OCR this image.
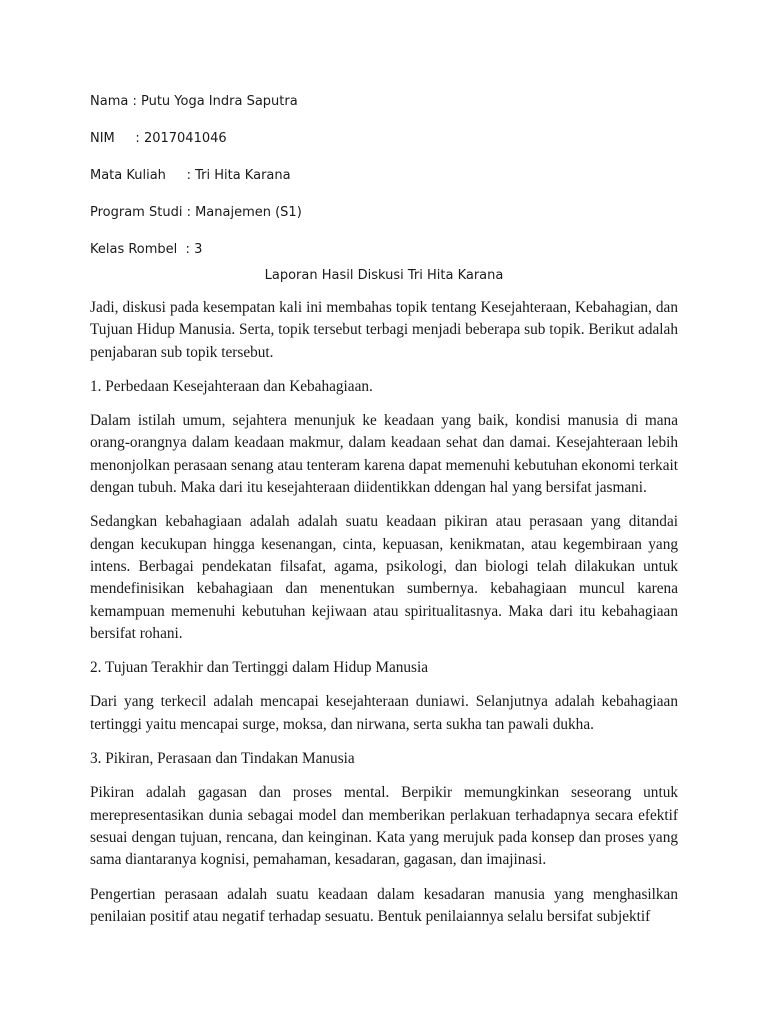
Nama : Putu Yoga Indra Saputra
NIM     : 2017041046
Mata Kuliah     : Tri Hita Karana
Program Studi : Manajemen (S1)
Kelas Rombel  : 3
Laporan Hasil Diskusi Tri Hita Karana

Jadi, diskusi pada kesempatan kali ini membahas topik tentang Kesejahteraan, Kebahagian, dan Tujuan Hidup Manusia. Serta, topik tersebut terbagi menjadi beberapa sub topik. Berikut adalah penjabaran sub topik tersebut.

1. Perbedaan Kesejahteraan dan Kebahagiaan.

Dalam istilah umum, sejahtera menunjuk ke keadaan yang baik, kondisi manusia di mana orang-orangnya dalam keadaan makmur, dalam keadaan sehat dan damai. Kesejahteraan lebih menonjolkan perasaan senang atau tenteram karena dapat memenuhi kebutuhan ekonomi terkait dengan tubuh. Maka dari itu kesejahteraan diidentikkan ddengan hal yang bersifat jasmani.

Sedangkan kebahagiaan adalah adalah suatu keadaan pikiran atau perasaan yang ditandai dengan kecukupan hingga kesenangan, cinta, kepuasan, kenikmatan, atau kegembiraan yang intens. Berbagai pendekatan filsafat, agama, psikologi, dan biologi telah dilakukan untuk mendefinisikan kebahagiaan dan menentukan sumbernya. kebahagiaan muncul karena kemampuan memenuhi kebutuhan kejiwaan atau spiritualitasnya. Maka dari itu kebahagiaan bersifat rohani.

2. Tujuan Terakhir dan Tertinggi dalam Hidup Manusia

Dari yang terkecil adalah mencapai kesejahteraan duniawi. Selanjutnya adalah kebahagiaan tertinggi yaitu mencapai surge, moksa, dan nirwana, serta sukha tan pawali dukha.

3. Pikiran, Perasaan dan Tindakan Manusia

Pikiran adalah gagasan dan proses mental. Berpikir memungkinkan seseorang untuk merepresentasikan dunia sebagai model dan memberikan perlakuan terhadapnya secara efektif sesuai dengan tujuan, rencana, dan keinginan. Kata yang merujuk pada konsep dan proses yang sama diantaranya kognisi, pemahaman, kesadaran, gagasan, dan imajinasi.

Pengertian perasaan adalah suatu keadaan dalam kesadaran manusia yang menghasilkan penilaian positif atau negatif terhadap sesuatu. Bentuk penilaiannya selalu bersifat subjektif
